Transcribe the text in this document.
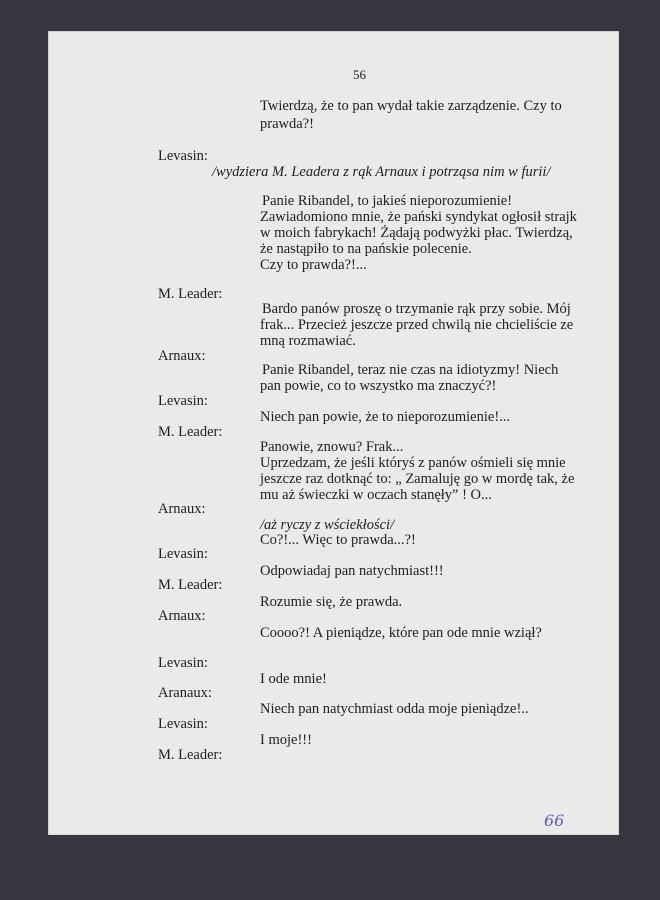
56
Twierdzą, że to pan wydał takie zarządzenie. Czy to
prawda?!
Levasin:
/wydziera M. Leadera z rąk Arnaux i potrząsa nim w furii/
Panie Ribandel, to jakieś nieporozumienie!
Zawiadomiono mnie, że pański syndykat ogłosił strajk
w moich fabrykach! Żądają podwyżki płac. Twierdzą,
że nastąpiło to na pańskie polecenie.
Czy to prawda?!...
M. Leader:
Bardo panów proszę o trzymanie rąk przy sobie. Mój
frak... Przecież jeszcze przed chwilą nie chcieliście ze
mną rozmawiać.
Arnaux:
Panie Ribandel, teraz nie czas na idiotyzmy! Niech
pan powie, co to wszystko ma znaczyć?!
Levasin:
Niech pan powie, że to nieporozumienie!...
M. Leader:
Panowie, znowu? Frak...
Uprzedzam, że jeśli któryś z panów ośmieli się mnie
jeszcze raz dotknąć to: „ Zamaluję go w mordę tak, że
mu aż świeczki w oczach stanęły” ! O...
Arnaux:
/aż ryczy z wściekłości/
Co?!... Więc to prawda...?!
Levasin:
Odpowiadaj pan natychmiast!!!
M. Leader:
Rozumie się, że prawda.
Arnaux:
Coooo?! A pieniądze, które pan ode mnie wziął?
Levasin:
I ode mnie!
Aranaux:
Niech pan natychmiast odda moje pieniądze!..
Levasin:
I moje!!!
M. Leader:
66
